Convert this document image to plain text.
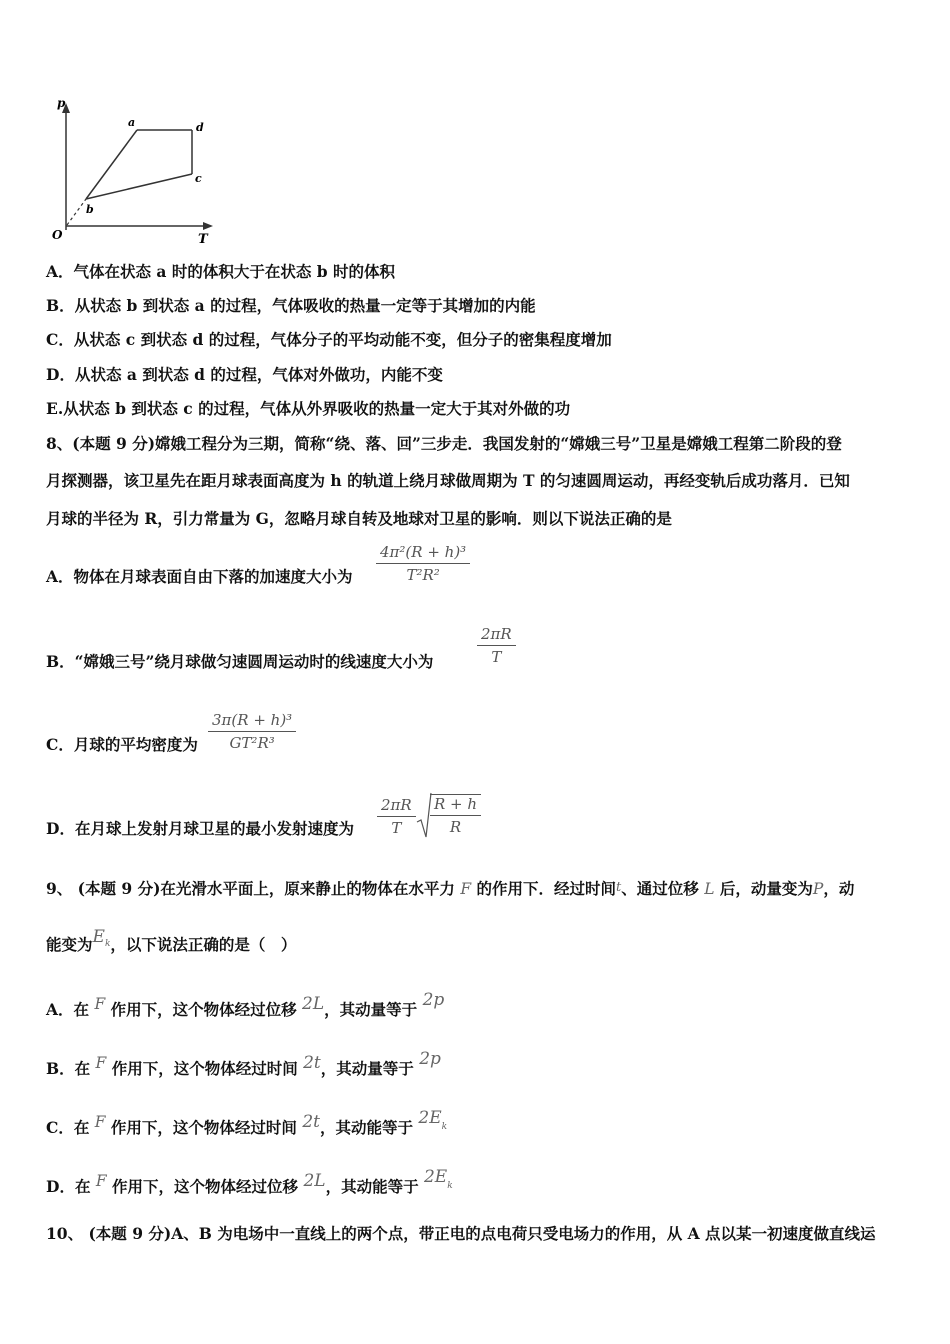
p
T
O
a
b
c
d
A．气体在状态 a 时的体积大于在状态 b 时的体积
B．从状态 b 到状态 a 的过程，气体吸收的热量一定等于其增加的内能
C．从状态 c 到状态 d 的过程，气体分子的平均动能不变，但分子的密集程度增加
D．从状态 a 到状态 d 的过程，气体对外做功，内能不变
E.从状态 b 到状态 c 的过程，气体从外界吸收的热量一定大于其对外做的功
8、(本题 9 分)嫦娥工程分为三期，简称“绕、落、回”三步走．我国发射的“嫦娥三号”卫星是嫦娥工程第二阶段的登
月探测器，该卫星先在距月球表面高度为 h 的轨道上绕月球做周期为 T 的匀速圆周运动，再经变轨后成功落月．已知
月球的半径为 R，引力常量为 G，忽略月球自转及地球对卫星的影响．则以下说法正确的是
A．物体在月球表面自由下落的加速度大小为
4π²(R + h)³
T²R²
B．“嫦娥三号”绕月球做匀速圆周运动时的线速度大小为
2πR
T
C．月球的平均密度为
3π(R + h)³
GT²R³
D．在月球上发射月球卫星的最小发射速度为
2πR
T
R + h
R
9、 (本题 9 分)在光滑水平面上，原来静止的物体在水平力 F 的作用下．经过时间t、通过位移 L 后，动量变为P，动
能变为$E^k$，以下说法正确的是（　）
A．在 F 作用下，这个物体经过位移 2L，其动量等于 2p
B．在 F 作用下，这个物体经过时间 2t，其动量等于 2p
C．在 F 作用下，这个物体经过时间 2t，其动能等于 $2E^k$
D．在 F 作用下，这个物体经过位移 2L，其动能等于 $2E^k$
10、 (本题 9 分)A、B 为电场中一直线上的两个点，带正电的点电荷只受电场力的作用，从 A 点以某一初速度做直线运
